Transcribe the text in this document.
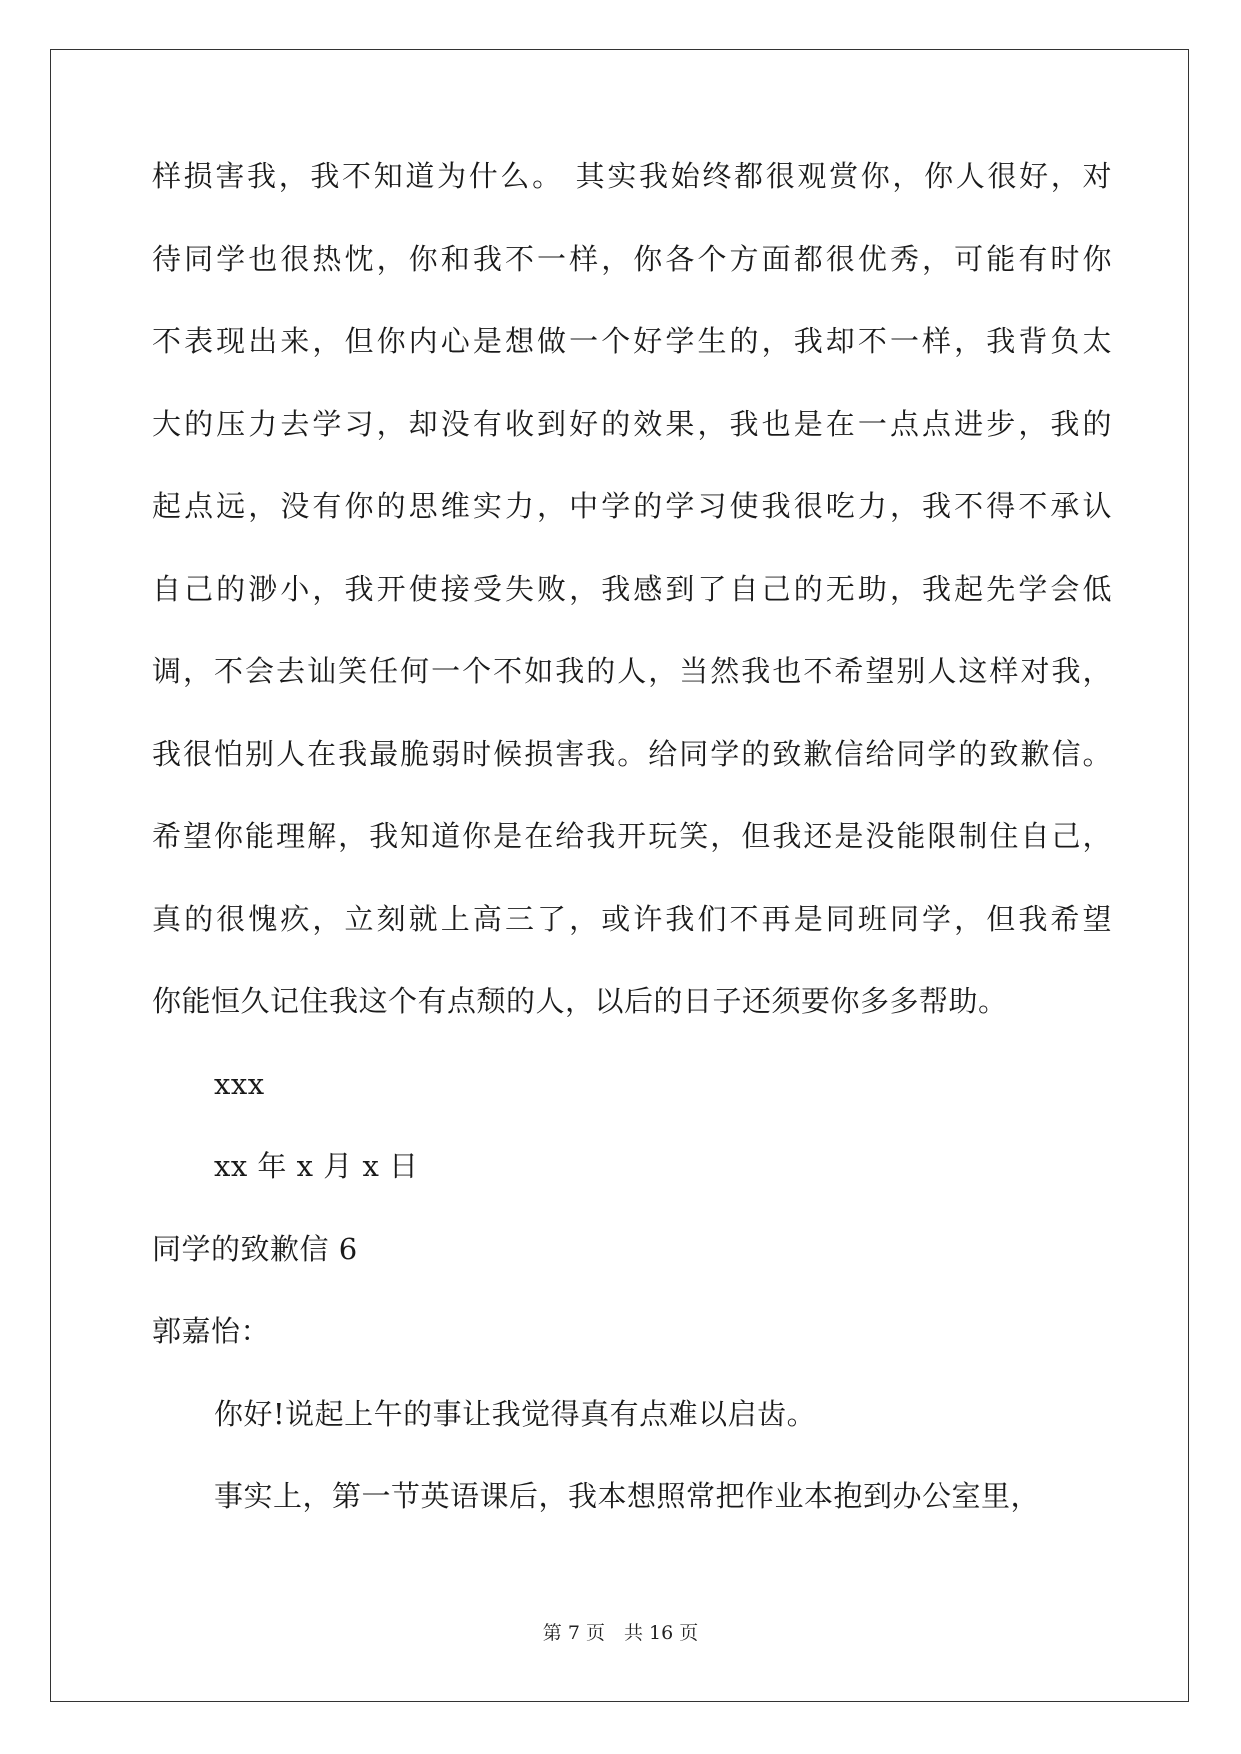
样损害我，我不知道为什么。 其实我始终都很观赏你，你人很好，对
待同学也很热忱，你和我不一样，你各个方面都很优秀，可能有时你
不表现出来，但你内心是想做一个好学生的，我却不一样，我背负太
大的压力去学习，却没有收到好的效果，我也是在一点点进步，我的
起点远，没有你的思维实力，中学的学习使我很吃力，我不得不承认
自己的渺小，我开使接受失败，我感到了自己的无助，我起先学会低
调，不会去讪笑任何一个不如我的人，当然我也不希望别人这样对我，
我很怕别人在我最脆弱时候损害我。给同学的致歉信给同学的致歉信。
希望你能理解，我知道你是在给我开玩笑，但我还是没能限制住自己，
真的很愧疚，立刻就上高三了，或许我们不再是同班同学，但我希望
你能恒久记住我这个有点颓的人，以后的日子还须要你多多帮助。
xxx
xx 年 x 月 x 日
同学的致歉信 6
郭嘉怡：
你好!说起上午的事让我觉得真有点难以启齿。
事实上，第一节英语课后，我本想照常把作业本抱到办公室里，
第 7 页　共 16 页
